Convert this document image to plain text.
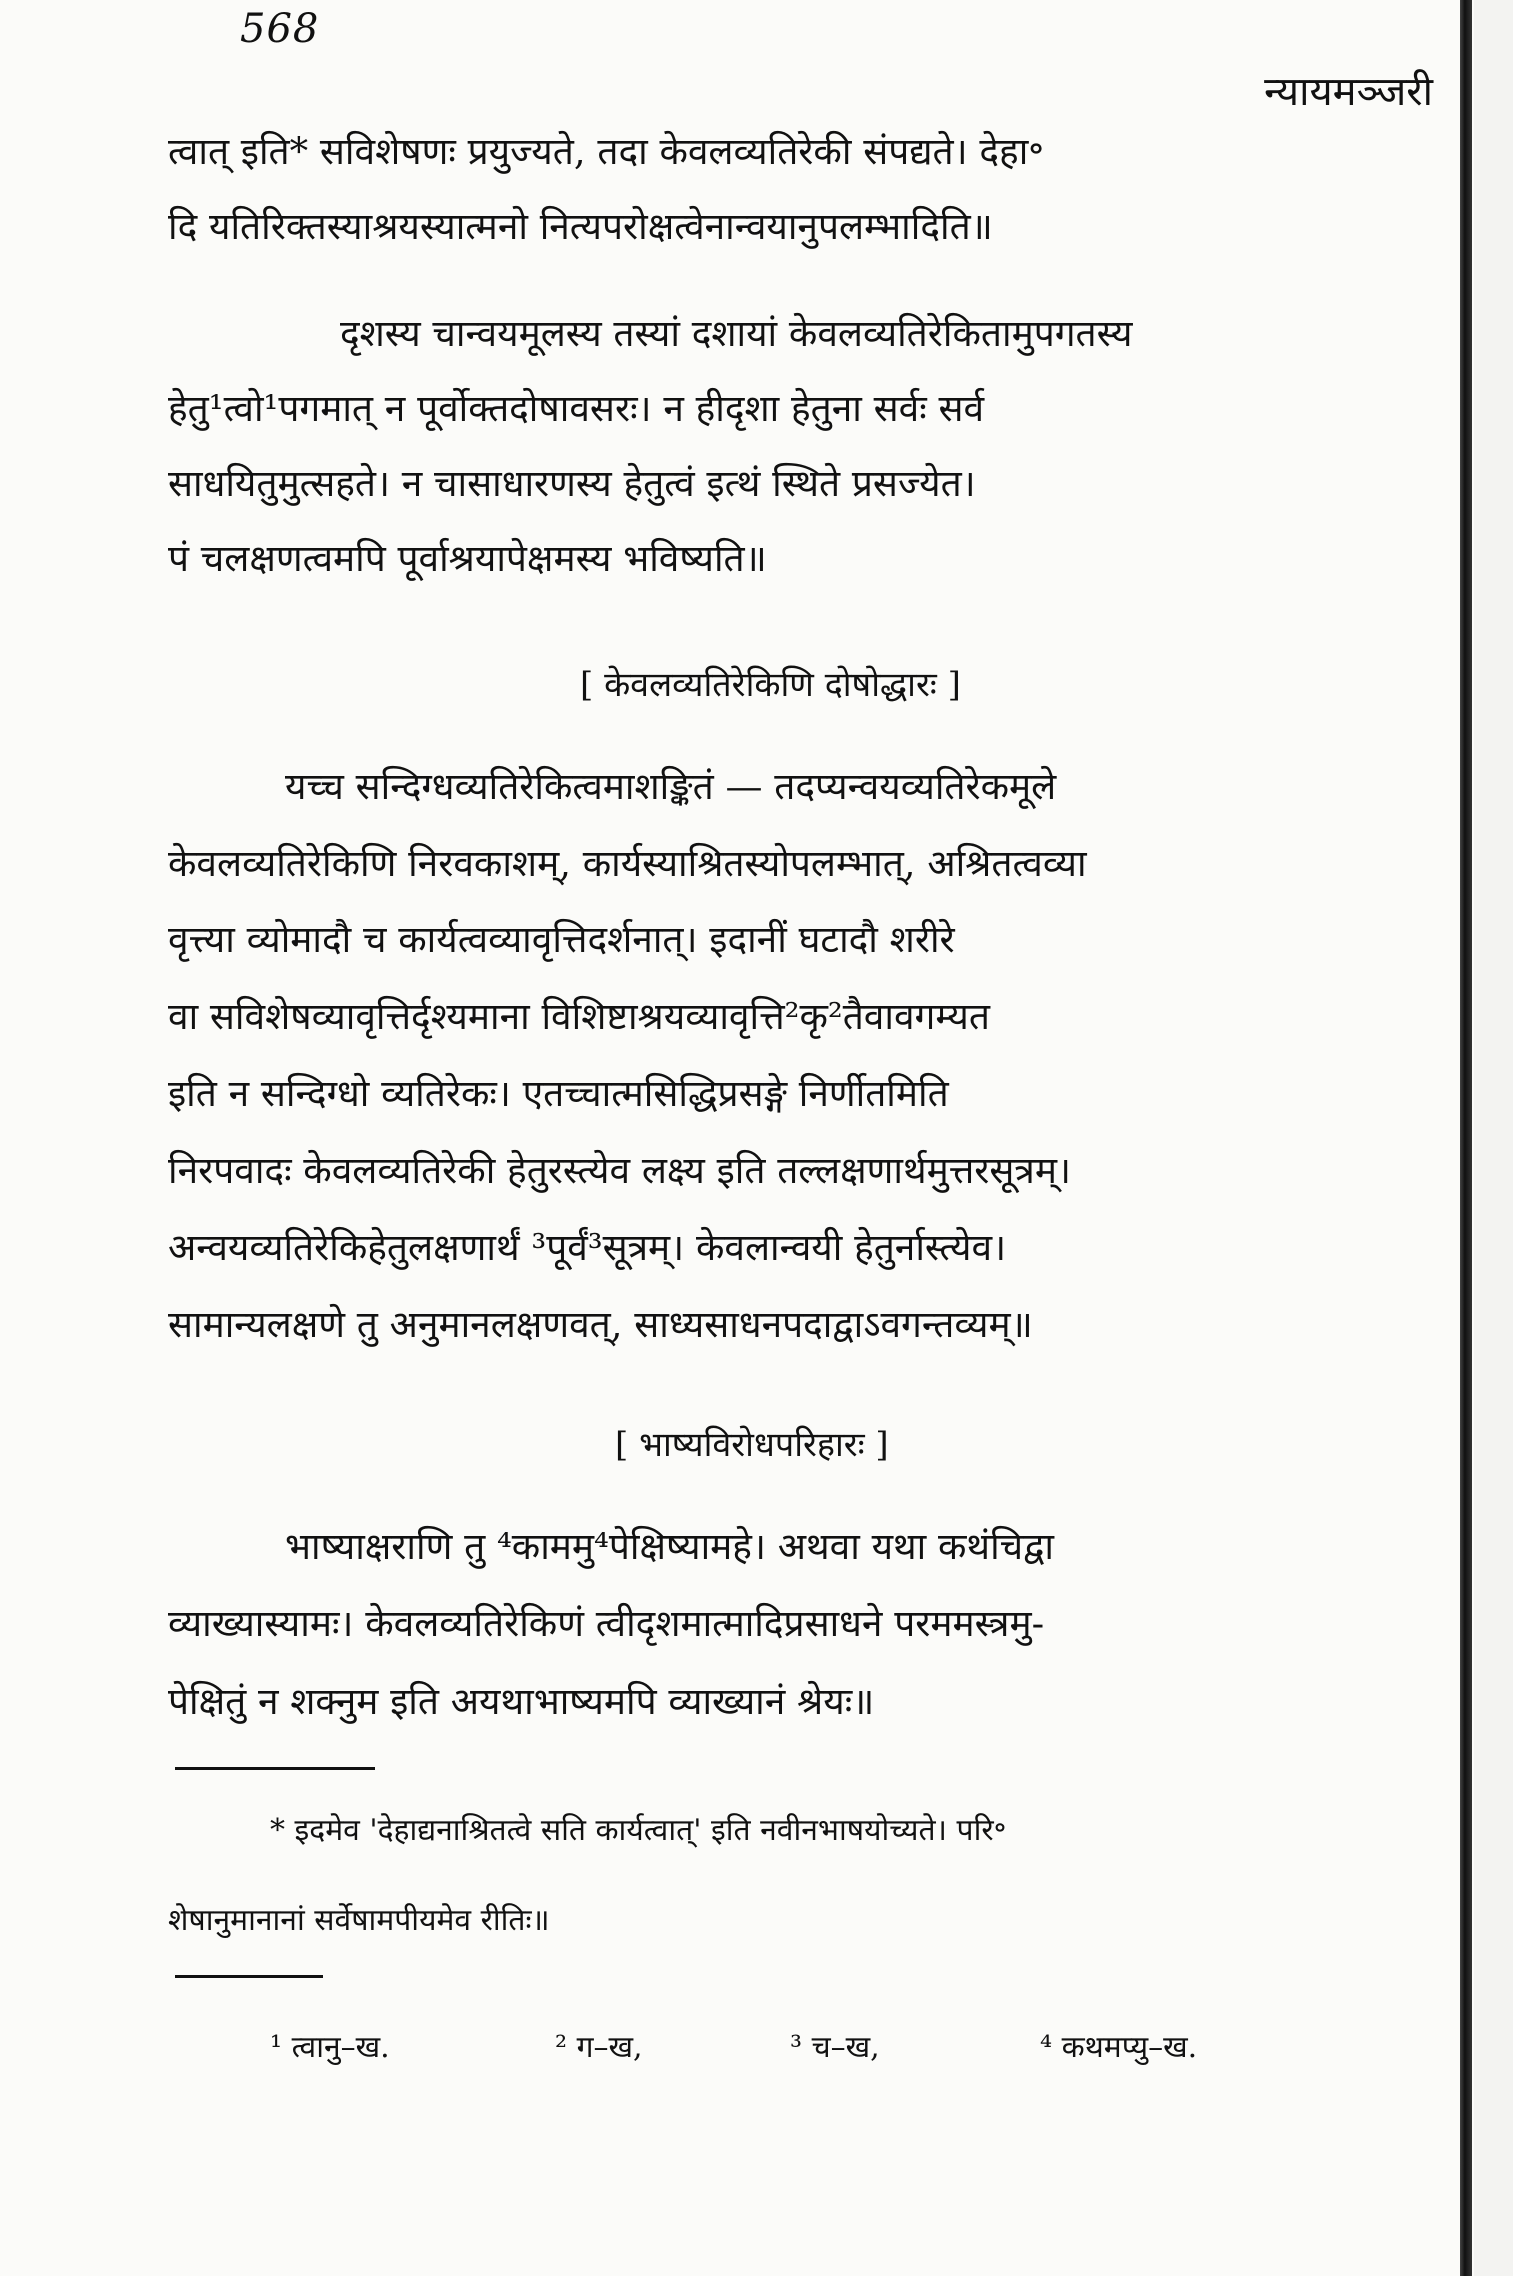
568
न्यायमञ्जरी
त्वात् इति* सविशेषणः प्रयुज्यते, तदा केवलव्यतिरेकी संपद्यते। देहा॰
दि यतिरिक्तस्याश्रयस्यात्मनो नित्यपरोक्षत्वेनान्वयानुपलम्भादिति॥
दृशस्य चान्वयमूलस्य तस्यां दशायां केवलव्यतिरेकितामुपगतस्य
हेतु¹त्वो¹पगमात् न पूर्वोक्तदोषावसरः। न हीदृशा हेतुना सर्वः सर्व
साधयितुमुत्सहते। न चासाधारणस्य हेतुत्वं इत्थं स्थिते प्रसज्येत।
पं चलक्षणत्वमपि पूर्वाश्रयापेक्षमस्य भविष्यति॥
[ केवलव्यतिरेकिणि दोषोद्धारः ]
यच्च सन्दिग्धव्यतिरेकित्वमाशङ्कितं — तदप्यन्वयव्यतिरेकमूले
केवलव्यतिरेकिणि निरवकाशम्, कार्यस्याश्रितस्योपलम्भात्, अश्रितत्वव्या
वृत्त्या व्योमादौ च कार्यत्वव्यावृत्तिदर्शनात्। इदानीं घटादौ शरीरे
वा सविशेषव्यावृत्तिर्दृश्यमाना विशिष्टाश्रयव्यावृत्ति²कृ²तैवावगम्यत
इति न सन्दिग्धो व्यतिरेकः। एतच्चात्मसिद्धिप्रसङ्गे निर्णीतमिति
निरपवादः केवलव्यतिरेकी हेतुरस्त्येव लक्ष्य इति तल्लक्षणार्थमुत्तरसूत्रम्।
अन्वयव्यतिरेकिहेतुलक्षणार्थं ³पूर्वं³सूत्रम्। केवलान्वयी हेतुर्नास्त्येव।
सामान्यलक्षणे तु अनुमानलक्षणवत्, साध्यसाधनपदाद्वाऽवगन्तव्यम्॥
[ भाष्यविरोधपरिहारः ]
भाष्याक्षराणि तु ⁴काममु⁴पेक्षिष्यामहे। अथवा यथा कथंचिद्वा
व्याख्यास्यामः। केवलव्यतिरेकिणं त्वीदृशमात्मादिप्रसाधने परममस्त्रमु-
पेक्षितुं न शक्नुम इति अयथाभाष्यमपि व्याख्यानं श्रेयः॥
* इदमेव 'देहाद्यनाश्रितत्वे सति कार्यत्वात्' इति नवीनभाषयोच्यते। परि॰
शेषानुमानानां सर्वेषामपीयमेव रीतिः॥
¹ त्वानु–ख.	² ग–ख,	³ च–ख,	⁴ कथमप्यु–ख.
